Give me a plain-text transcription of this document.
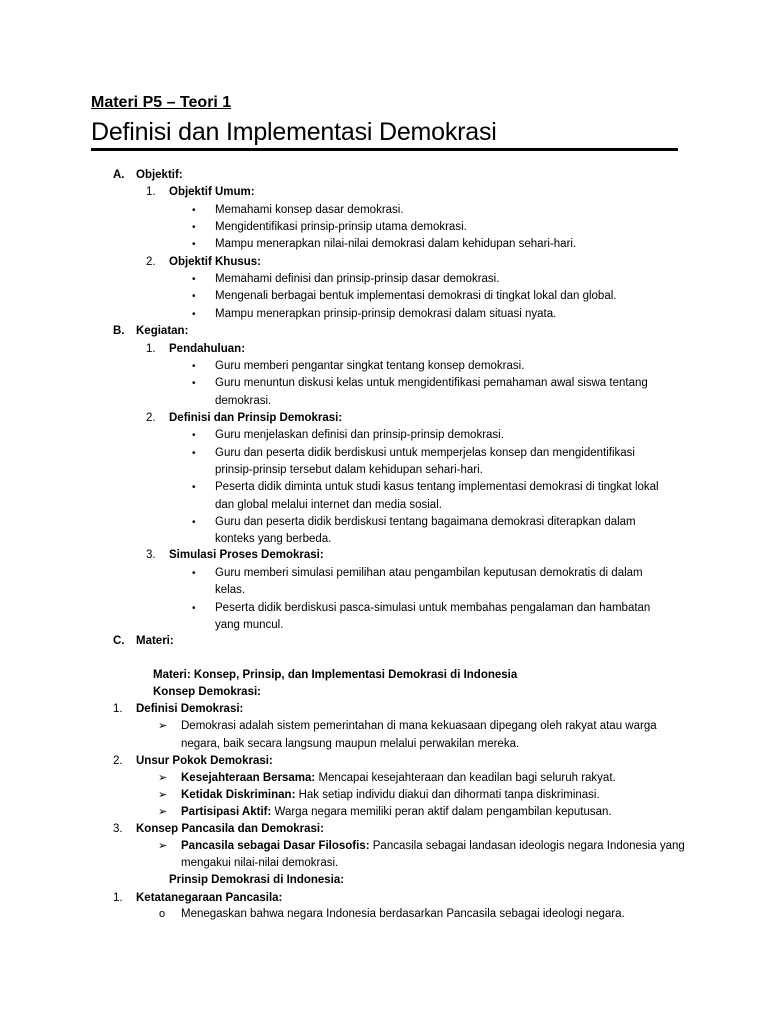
Materi P5 – Teori 1
Definisi dan Implementasi Demokrasi
A. Objektif:
1. Objektif Umum:
• Memahami konsep dasar demokrasi.
• Mengidentifikasi prinsip-prinsip utama demokrasi.
• Mampu menerapkan nilai-nilai demokrasi dalam kehidupan sehari-hari.
2. Objektif Khusus:
• Memahami definisi dan prinsip-prinsip dasar demokrasi.
• Mengenali berbagai bentuk implementasi demokrasi di tingkat lokal dan global.
• Mampu menerapkan prinsip-prinsip demokrasi dalam situasi nyata.
B. Kegiatan:
1. Pendahuluan:
• Guru memberi pengantar singkat tentang konsep demokrasi.
• Guru menuntun diskusi kelas untuk mengidentifikasi pemahaman awal siswa tentang
demokrasi.
2. Definisi dan Prinsip Demokrasi:
• Guru menjelaskan definisi dan prinsip-prinsip demokrasi.
• Guru dan peserta didik berdiskusi untuk memperjelas konsep dan mengidentifikasi
prinsip-prinsip tersebut dalam kehidupan sehari-hari.
• Peserta didik diminta untuk studi kasus tentang implementasi demokrasi di tingkat lokal
dan global melalui internet dan media sosial.
• Guru dan peserta didik berdiskusi tentang bagaimana demokrasi diterapkan dalam
konteks yang berbeda.
3. Simulasi Proses Demokrasi:
• Guru memberi simulasi pemilihan atau pengambilan keputusan demokratis di dalam
kelas.
• Peserta didik berdiskusi pasca-simulasi untuk membahas pengalaman dan hambatan
yang muncul.
C. Materi:
Materi: Konsep, Prinsip, dan Implementasi Demokrasi di Indonesia
Konsep Demokrasi:
1. Definisi Demokrasi:
➢ Demokrasi adalah sistem pemerintahan di mana kekuasaan dipegang oleh rakyat atau warga
negara, baik secara langsung maupun melalui perwakilan mereka.
2. Unsur Pokok Demokrasi:
➢ Kesejahteraan Bersama: Mencapai kesejahteraan dan keadilan bagi seluruh rakyat.
➢ Ketidak Diskriminan: Hak setiap individu diakui dan dihormati tanpa diskriminasi.
➢ Partisipasi Aktif: Warga negara memiliki peran aktif dalam pengambilan keputusan.
3. Konsep Pancasila dan Demokrasi:
➢ Pancasila sebagai Dasar Filosofis: Pancasila sebagai landasan ideologis negara Indonesia yang
mengakui nilai-nilai demokrasi.
Prinsip Demokrasi di Indonesia:
1. Ketatanegaraan Pancasila:
o Menegaskan bahwa negara Indonesia berdasarkan Pancasila sebagai ideologi negara.
